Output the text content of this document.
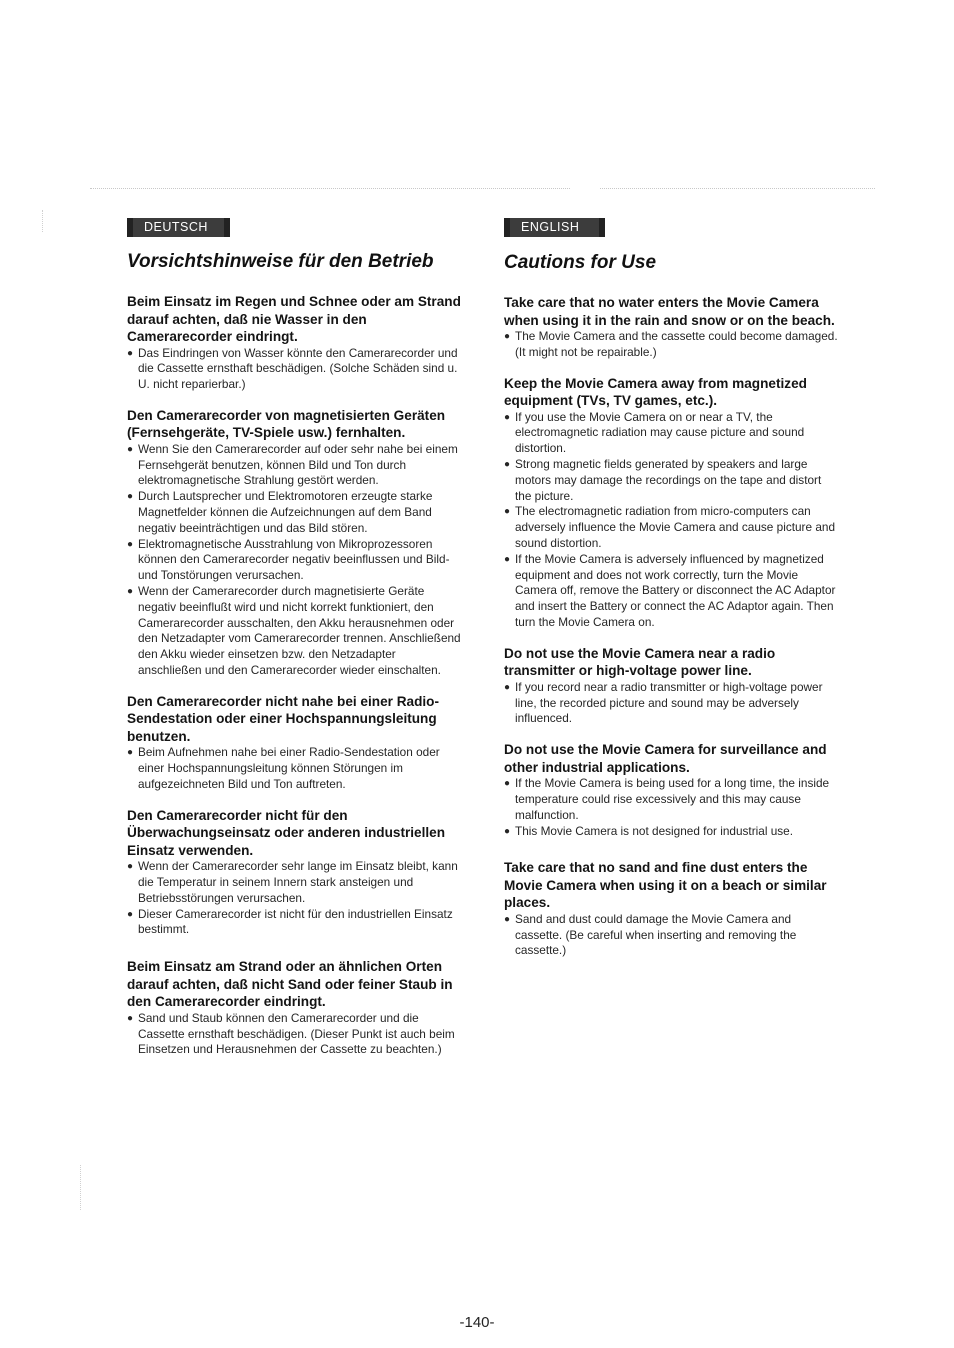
DEUTSCH
Vorsichtshinweise für den Betrieb
Beim Einsatz im Regen und Schnee oder am Strand darauf achten, daß nie Wasser in den Camerarecorder eindringt.
● Das Eindringen von Wasser könnte den Camerarecorder und die Cassette ernsthaft beschädigen. (Solche Schäden sind u. U. nicht reparierbar.)
Den Camerarecorder von magnetisierten Geräten (Fernsehgeräte, TV-Spiele usw.) fernhalten.
● Wenn Sie den Camerarecorder auf oder sehr nahe bei einem Fernsehgerät benutzen, können Bild und Ton durch elektromagnetische Strahlung gestört werden.
● Durch Lautsprecher und Elektromotoren erzeugte starke Magnetfelder können die Aufzeichnungen auf dem Band negativ beeinträchtigen und das Bild stören.
● Elektromagnetische Ausstrahlung von Mikroprozessoren können den Camerarecorder negativ beeinflussen und Bild- und Tonstörungen verursachen.
● Wenn der Camerarecorder durch magnetisierte Geräte negativ beeinflußt wird und nicht korrekt funktioniert, den Camerarecorder ausschalten, den Akku herausnehmen oder den Netzadapter vom Camerarecorder trennen. Anschließend den Akku wieder einsetzen bzw. den Netzadapter anschließen und den Camerarecorder wieder einschalten.
Den Camerarecorder nicht nahe bei einer Radio-Sendestation oder einer Hochspannungsleitung benutzen.
● Beim Aufnehmen nahe bei einer Radio-Sendestation oder einer Hochspannungsleitung können Störungen im aufgezeichneten Bild und Ton auftreten.
Den Camerarecorder nicht für den Überwachungseinsatz oder anderen industriellen Einsatz verwenden.
● Wenn der Camerarecorder sehr lange im Einsatz bleibt, kann die Temperatur in seinem Innern stark ansteigen und Betriebsstörungen verursachen.
● Dieser Camerarecorder ist nicht für den industriellen Einsatz bestimmt.
Beim Einsatz am Strand oder an ähnlichen Orten darauf achten, daß nicht Sand oder feiner Staub in den Camerarecorder eindringt.
● Sand und Staub können den Camerarecorder und die Cassette ernsthaft beschädigen. (Dieser Punkt ist auch beim Einsetzen und Herausnehmen der Cassette zu beachten.)
ENGLISH
Cautions for Use
Take care that no water enters the Movie Camera when using it in the rain and snow or on the beach.
● The Movie Camera and the cassette could become damaged. (It might not be repairable.)
Keep the Movie Camera away from magnetized equipment (TVs, TV games, etc.).
● If you use the Movie Camera on or near a TV, the electromagnetic radiation may cause picture and sound distortion.
● Strong magnetic fields generated by speakers and large motors may damage the recordings on the tape and distort the picture.
● The electromagnetic radiation from micro-computers can adversely influence the Movie Camera and cause picture and sound distortion.
● If the Movie Camera is adversely influenced by magnetized equipment and does not work correctly, turn the Movie Camera off, remove the Battery or disconnect the AC Adaptor and insert the Battery or connect the AC Adaptor again. Then turn the Movie Camera on.
Do not use the Movie Camera near a radio transmitter or high-voltage power line.
● If you record near a radio transmitter or high-voltage power line, the recorded picture and sound may be adversely influenced.
Do not use the Movie Camera for surveillance and other industrial applications.
● If the Movie Camera is being used for a long time, the inside temperature could rise excessively and this may cause malfunction.
● This Movie Camera is not designed for industrial use.
Take care that no sand and fine dust enters the Movie Camera when using it on a beach or similar places.
● Sand and dust could damage the Movie Camera and cassette. (Be careful when inserting and removing the cassette.)
-140-
